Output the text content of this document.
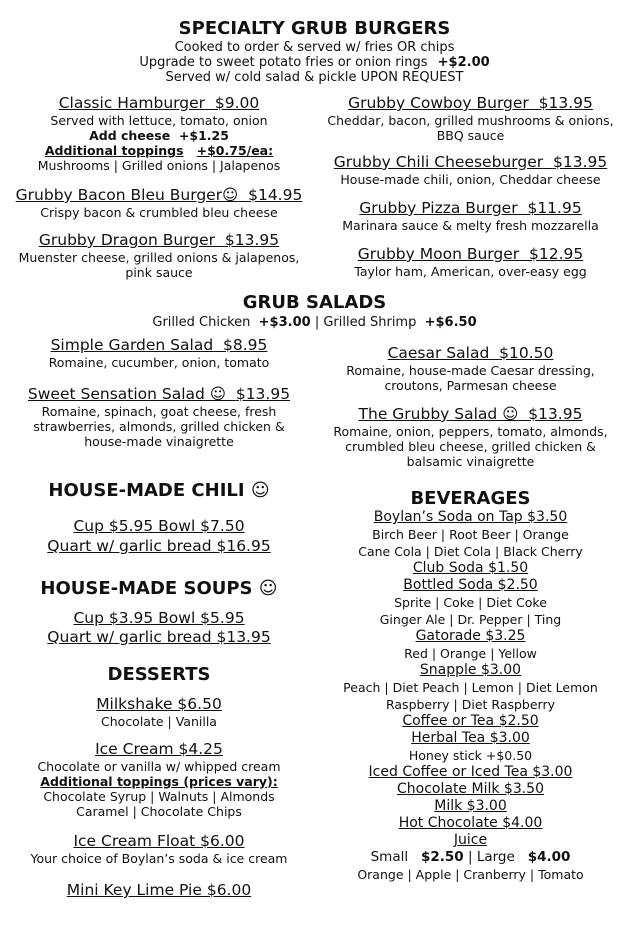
SPECIALTY GRUB BURGERS
Cooked to order & served w/ fries OR chips
Upgrade to sweet potato fries or onion rings +$2.00
Served w/ cold salad & pickle UPON REQUEST
Classic Hamburger $9.00
Served with lettuce, tomato, onion
Add cheese +$1.25
Additional toppings +$0.75/ea:
Mushrooms | Grilled onions | Jalapenos
Grubby Bacon Bleu Burger☺ $14.95
Crispy bacon & crumbled bleu cheese
Grubby Dragon Burger $13.95
Muenster cheese, grilled onions & jalapenos,
pink sauce
Grubby Cowboy Burger $13.95
Cheddar, bacon, grilled mushrooms & onions,
BBQ sauce
Grubby Chili Cheeseburger $13.95
House-made chili, onion, Cheddar cheese
Grubby Pizza Burger $11.95
Marinara sauce & melty fresh mozzarella
Grubby Moon Burger $12.95
Taylor ham, American, over-easy egg
GRUB SALADS
Grilled Chicken +$3.00 | Grilled Shrimp +$6.50
Simple Garden Salad $8.95
Romaine, cucumber, onion, tomato
Sweet Sensation Salad ☺ $13.95
Romaine, spinach, goat cheese, fresh
strawberries, almonds, grilled chicken &
house-made vinaigrette
Caesar Salad $10.50
Romaine, house-made Caesar dressing,
croutons, Parmesan cheese
The Grubby Salad ☺ $13.95
Romaine, onion, peppers, tomato, almonds,
crumbled bleu cheese, grilled chicken &
balsamic vinaigrette
HOUSE-MADE CHILI ☺
Cup $5.95 Bowl $7.50
Quart w/ garlic bread $16.95
HOUSE-MADE SOUPS ☺
Cup $3.95 Bowl $5.95
Quart w/ garlic bread $13.95
DESSERTS
Milkshake $6.50
Chocolate | Vanilla
Ice Cream $4.25
Chocolate or vanilla w/ whipped cream
Additional toppings (prices vary):
Chocolate Syrup | Walnuts | Almonds
Caramel | Chocolate Chips
Ice Cream Float $6.00
Your choice of Boylan’s soda & ice cream
Mini Key Lime Pie $6.00
BEVERAGES
Boylan’s Soda on Tap $3.50
Birch Beer | Root Beer | Orange
Cane Cola | Diet Cola | Black Cherry
Club Soda $1.50
Bottled Soda $2.50
Sprite | Coke | Diet Coke
Ginger Ale | Dr. Pepper | Ting
Gatorade $3.25
Red | Orange | Yellow
Snapple $3.00
Peach | Diet Peach | Lemon | Diet Lemon
Raspberry | Diet Raspberry
Coffee or Tea $2.50
Herbal Tea $3.00
Honey stick +$0.50
Iced Coffee or Iced Tea $3.00
Chocolate Milk $3.50
Milk $3.00
Hot Chocolate $4.00
Juice
Small $2.50 | Large $4.00
Orange | Apple | Cranberry | Tomato
